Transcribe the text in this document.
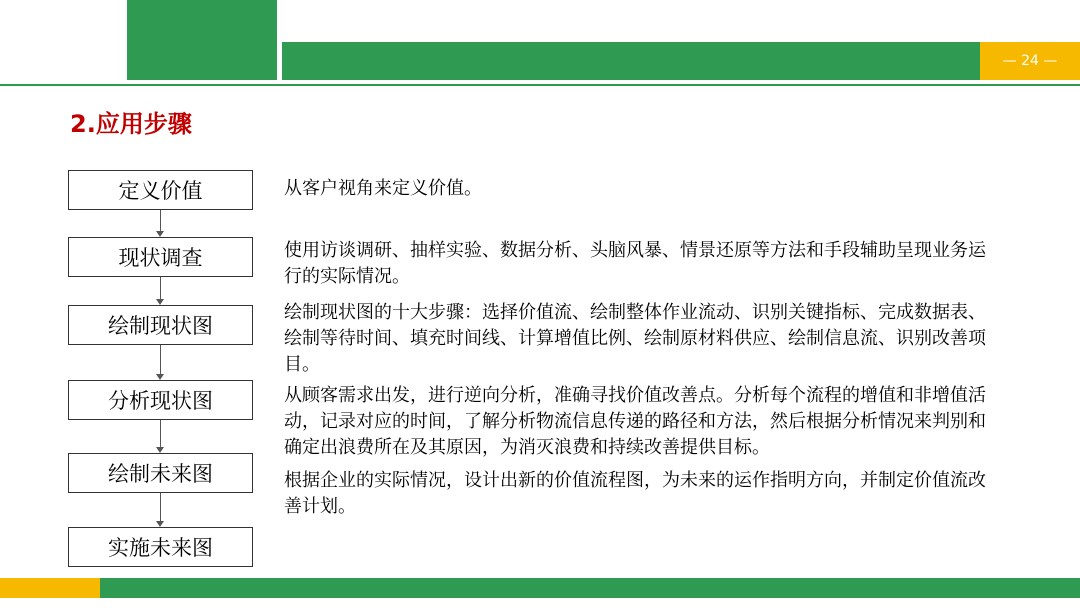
— 24 —
2.应用步骤
定义价值
现状调查
绘制现状图
分析现状图
绘制未来图
实施未来图
从客户视角来定义价值。
使用访谈调研、抽样实验、数据分析、头脑风暴、情景还原等方法和手段辅助呈现业务运行的实际情况。
绘制现状图的十大步骤：选择价值流、绘制整体作业流动、识别关键指标、完成数据表、绘制等待时间、填充时间线、计算增值比例、绘制原材料供应、绘制信息流、识别改善项目。
从顾客需求出发，进行逆向分析，准确寻找价值改善点。分析每个流程的增值和非增值活动，记录对应的时间，了解分析物流信息传递的路径和方法，然后根据分析情况来判别和确定出浪费所在及其原因，为消灭浪费和持续改善提供目标。
根据企业的实际情况，设计出新的价值流程图，为未来的运作指明方向，并制定价值流改善计划。
